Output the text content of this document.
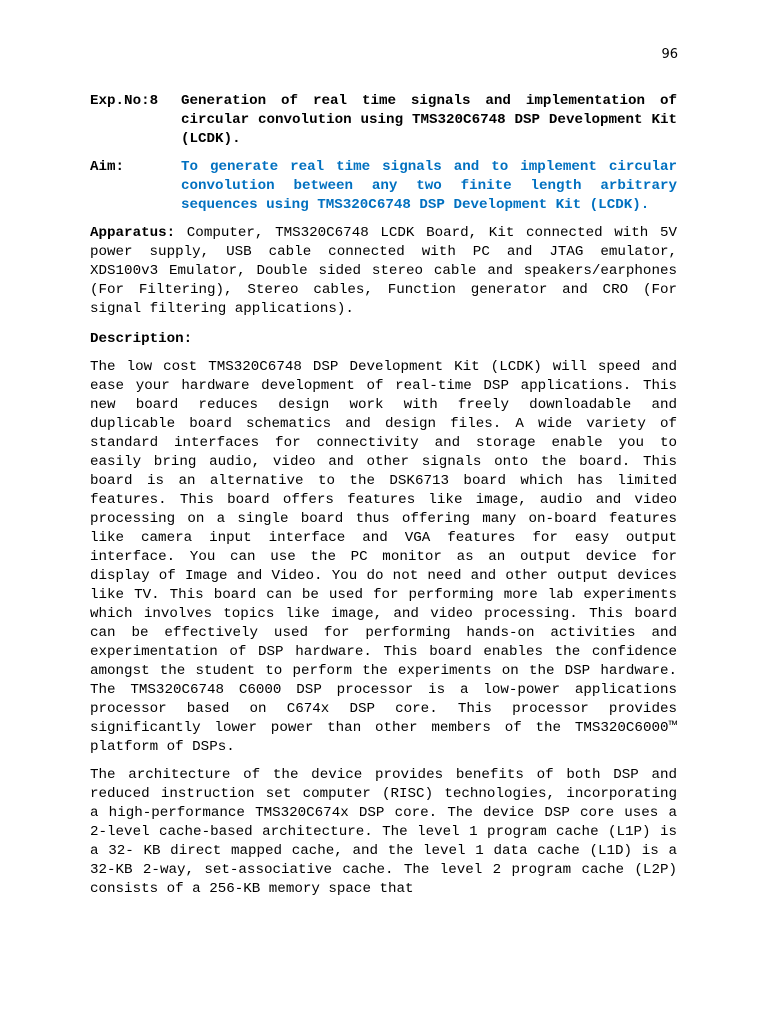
96
Exp.No:8	Generation of real time signals and implementation of circular convolution using TMS320C6748 DSP Development Kit (LCDK).
Aim:	To generate real time signals and to implement circular convolution between any two finite length arbitrary sequences using TMS320C6748 DSP Development Kit (LCDK).

Apparatus: Computer, TMS320C6748 LCDK Board, Kit connected with 5V power supply, USB cable connected with PC and JTAG emulator, XDS100v3 Emulator, Double sided stereo cable and speakers/earphones (For Filtering), Stereo cables, Function generator and CRO (For signal filtering applications).

Description:

The low cost TMS320C6748 DSP Development Kit (LCDK) will speed and ease your hardware development of real-time DSP applications. This new board reduces design work with freely downloadable and duplicable board schematics and design files. A wide variety of standard interfaces for connectivity and storage enable you to easily bring audio, video and other signals onto the board. This board is an alternative to the DSK6713 board which has limited features. This board offers features like image, audio and video processing on a single board thus offering many on-board features like camera input interface and VGA features for easy output interface. You can use the PC monitor as an output device for display of Image and Video. You do not need and other output devices like TV. This board can be used for performing more lab experiments which involves topics like image, and video processing. This board can be effectively used for performing hands-on activities and experimentation of DSP hardware. This board enables the confidence amongst the student to perform the experiments on the DSP hardware. The TMS320C6748 C6000 DSP processor is a low-power applications processor based on C674x DSP core. This processor provides significantly lower power than other members of the TMS320C6000™ platform of DSPs.

The architecture of the device provides benefits of both DSP and reduced instruction set computer (RISC) technologies, incorporating a high-performance TMS320C674x DSP core. The device DSP core uses a 2-level cache-based architecture. The level 1 program cache (L1P) is a 32- KB direct mapped cache, and the level 1 data cache (L1D) is a 32-KB 2-way, set-associative cache. The level 2 program cache (L2P) consists of a 256-KB memory space that
